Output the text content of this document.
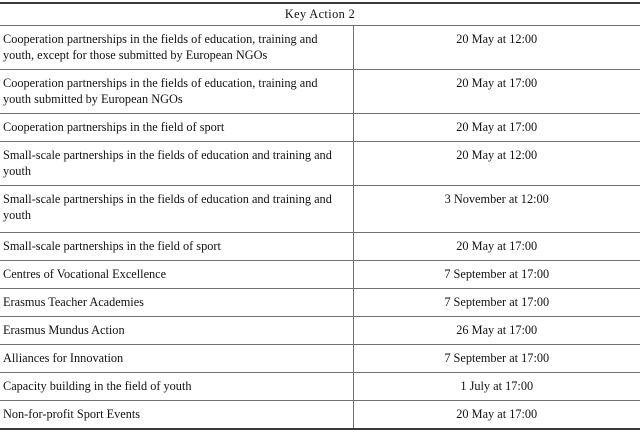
Key Action 2	
Cooperation partnerships in the fields of education, training and youth, except for those submitted by European NGOs	20 May at 12:00
Cooperation partnerships in the fields of education, training and youth submitted by European NGOs	20 May at 17:00
Cooperation partnerships in the field of sport	20 May at 17:00
Small-scale partnerships in the fields of education and training and youth	20 May at 12:00
Small-scale partnerships in the fields of education and training and youth	3 November at 12:00
Small-scale partnerships in the field of sport	20 May at 17:00
Centres of Vocational Excellence	7 September at 17:00
Erasmus Teacher Academies	7 September at 17:00
Erasmus Mundus Action	26 May at 17:00
Alliances for Innovation	7 September at 17:00
Capacity building in the field of youth	1 July at 17:00
Non-for-profit Sport Events	20 May at 17:00
